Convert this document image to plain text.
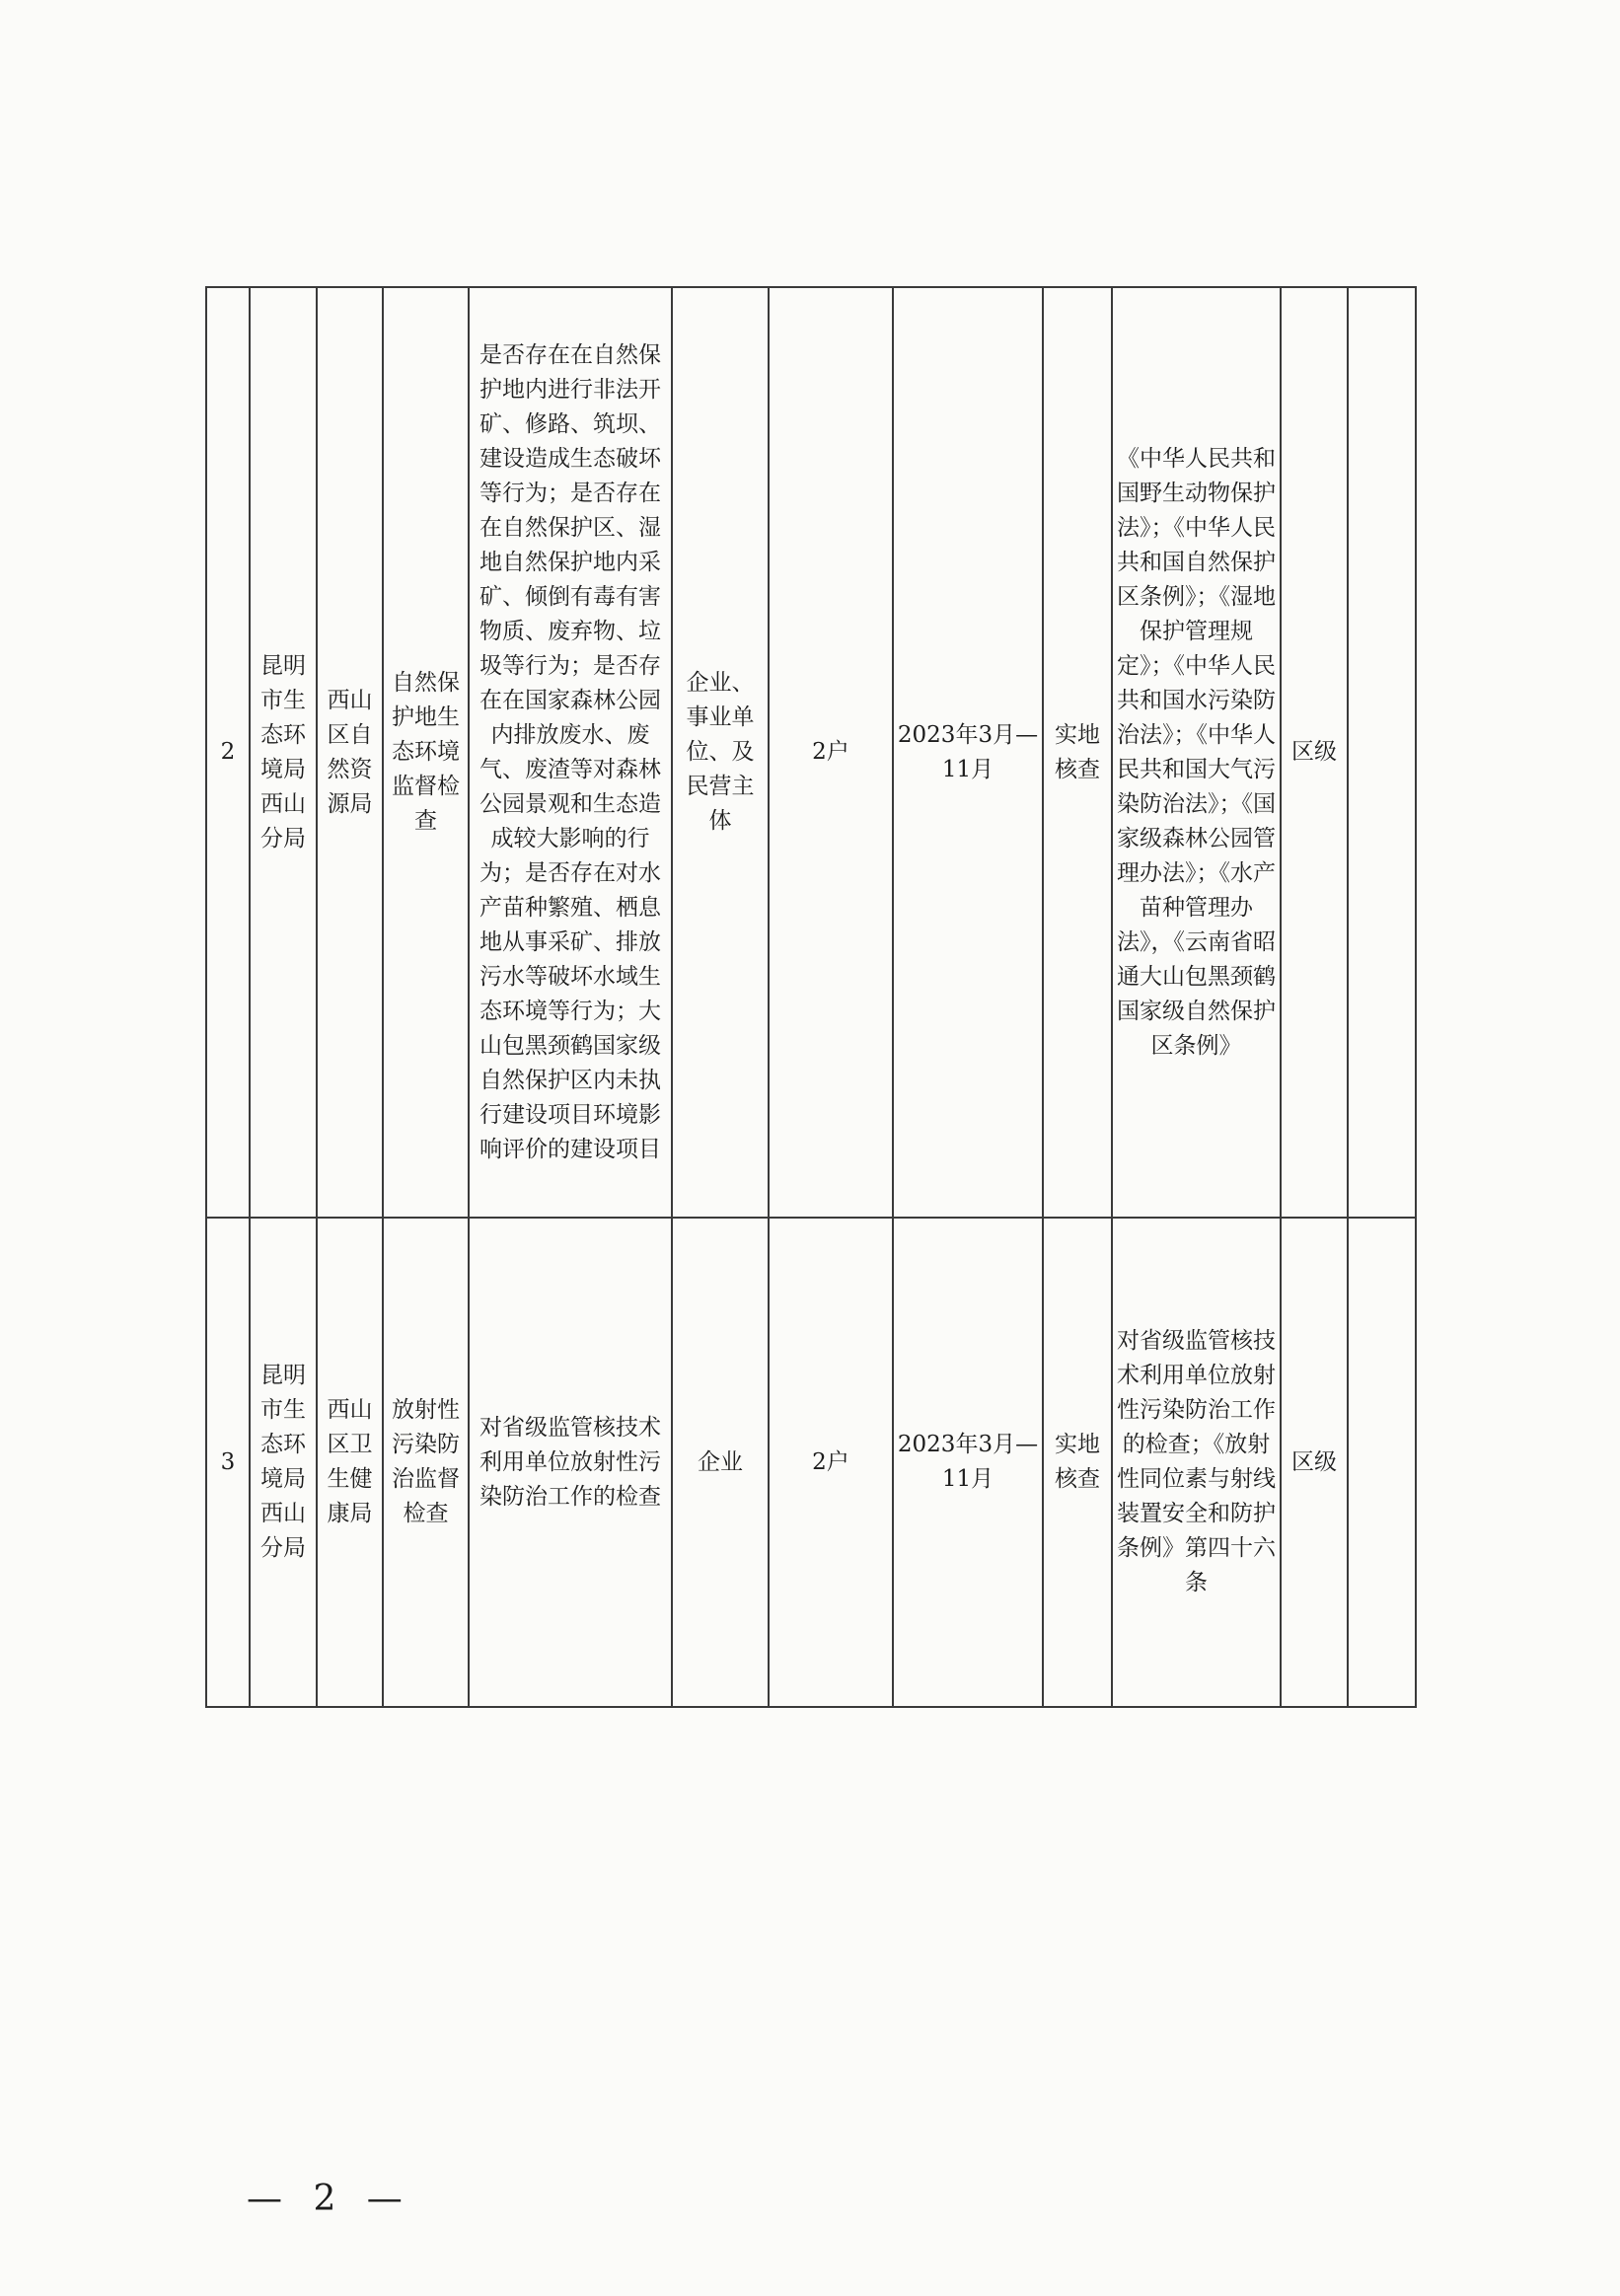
2	昆明市生态环境局西山分局	西山区自然资源局	自然保护地生态环境监督检查	是否存在在自然保护地内进行非法开矿、修路、筑坝、建设造成生态破坏等行为；是否存在在自然保护区、湿地自然保护地内采矿、倾倒有毒有害物质、废弃物、垃圾等行为；是否存在在国家森林公园内排放废水、废气、废渣等对森林公园景观和生态造成较大影响的行为；是否存在对水产苗种繁殖、栖息地从事采矿、排放污水等破坏水域生态环境等行为；大山包黑颈鹤国家级自然保护区内未执行建设项目环境影响评价的建设项目	企业、事业单位、及民营主体	2户	2023年3月—11月	实地核查	《中华人民共和国野生动物保护法》；《中华人民共和国自然保护区条例》；《湿地保护管理规定》；《中华人民共和国水污染防治法》；《中华人民共和国大气污染防治法》；《国家级森林公园管理办法》；《水产苗种管理办法》，《云南省昭通大山包黑颈鹤国家级自然保护区条例》	区级	
3	昆明市生态环境局西山分局	西山区卫生健康局	放射性污染防治监督检查	对省级监管核技术利用单位放射性污染防治工作的检查	企业	2户	2023年3月—11月	实地核查	对省级监管核技术利用单位放射性污染防治工作的检查；《放射性同位素与射线装置安全和防护条例》第四十六条	区级	
— 2 —
